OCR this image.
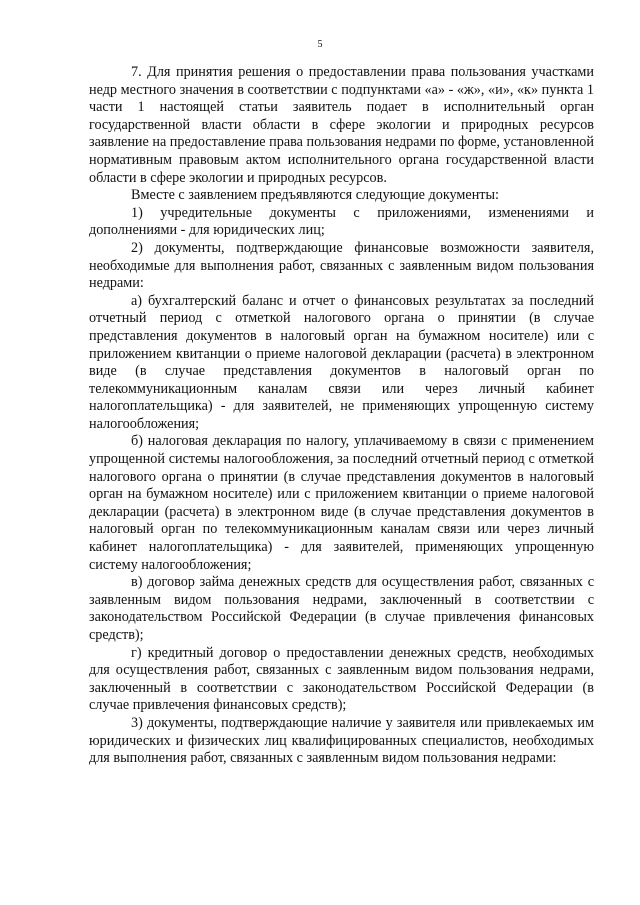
5

7. Для принятия решения о предоставлении права пользования участками недр местного значения в соответствии с подпунктами «а» - «ж», «и», «к» пункта 1 части 1 настоящей статьи заявитель подает в исполнительный орган государственной власти области в сфере экологии и природных ресурсов заявление на предоставление права пользования недрами по форме, установленной нормативным правовым актом исполнительного органа государственной власти области в сфере экологии и природных ресурсов.

Вместе с заявлением предъявляются следующие документы:

1) учредительные документы с приложениями, изменениями и дополнениями - для юридических лиц;

2) документы, подтверждающие финансовые возможности заявителя, необходимые для выполнения работ, связанных с заявленным видом пользования недрами:

а) бухгалтерский баланс и отчет о финансовых результатах за последний отчетный период с отметкой налогового органа о принятии (в случае представления документов в налоговый орган на бумажном носителе) или с приложением квитанции о приеме налоговой декларации (расчета) в электронном виде (в случае представления документов в налоговый орган по телекоммуникационным каналам связи или через личный кабинет налогоплательщика) - для заявителей, не применяющих упрощенную систему налогообложения;

б) налоговая декларация по налогу, уплачиваемому в связи с применением упрощенной системы налогообложения, за последний отчетный период с отметкой налогового органа о принятии (в случае представления документов в налоговый орган на бумажном носителе) или с приложением квитанции о приеме налоговой декларации (расчета) в электронном виде (в случае представления документов в налоговый орган по телекоммуникационным каналам связи или через личный кабинет налогоплательщика) - для заявителей, применяющих упрощенную систему налогообложения;

в) договор займа денежных средств для осуществления работ, связанных с заявленным видом пользования недрами, заключенный в соответствии с законодательством Российской Федерации (в случае привлечения финансовых средств);

г) кредитный договор о предоставлении денежных средств, необходимых для осуществления работ, связанных с заявленным видом пользования недрами, заключенный в соответствии с законодательством Российской Федерации (в случае привлечения финансовых средств);

3) документы, подтверждающие наличие у заявителя или привлекаемых им юридических и физических лиц квалифицированных специалистов, необходимых для выполнения работ, связанных с заявленным видом пользования недрами:
